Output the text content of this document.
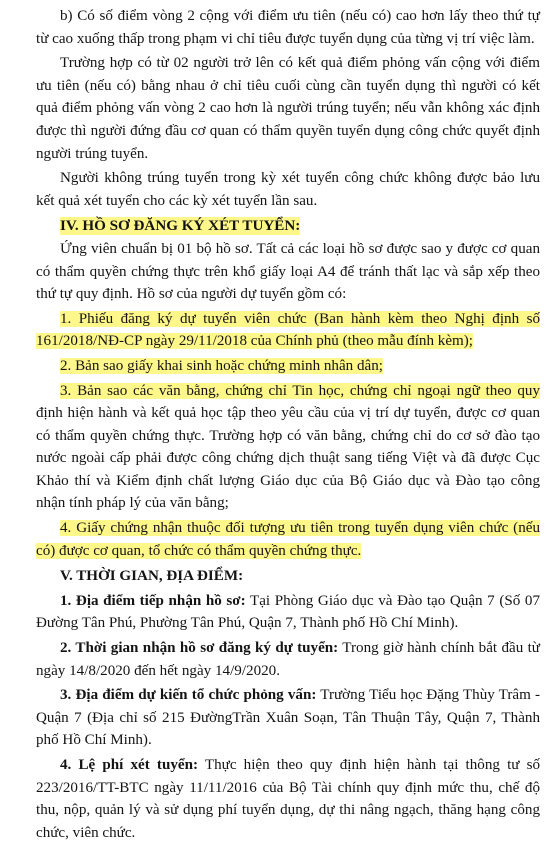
b) Có số điểm vòng 2 cộng với điểm ưu tiên (nếu có) cao hơn lấy theo thứ tự từ cao xuống thấp trong phạm vi chỉ tiêu được tuyển dụng của từng vị trí việc làm.

Trường hợp có từ 02 người trở lên có kết quả điểm phỏng vấn cộng với điểm ưu tiên (nếu có) bằng nhau ở chỉ tiêu cuối cùng cần tuyển dụng thì người có kết quả điểm phỏng vấn vòng 2 cao hơn là người trúng tuyển; nếu vẫn không xác định được thì người đứng đầu cơ quan có thẩm quyền tuyển dụng công chức quyết định người trúng tuyển.

Người không trúng tuyển trong kỳ xét tuyển công chức không được bảo lưu kết quả xét tuyển cho các kỳ xét tuyển lần sau.

IV. HỒ SƠ ĐĂNG KÝ XÉT TUYỂN:

Ứng viên chuẩn bị 01 bộ hồ sơ. Tất cả các loại hồ sơ được sao y được cơ quan có thẩm quyền chứng thực trên khổ giấy loại A4 để tránh thất lạc và sắp xếp theo thứ tự quy định. Hồ sơ của người dự tuyển gồm có:

1. Phiếu đăng ký dự tuyển viên chức (Ban hành kèm theo Nghị định số 161/2018/NĐ-CP ngày 29/11/2018 của Chính phủ (theo mẫu đính kèm);

2. Bản sao giấy khai sinh hoặc chứng minh nhân dân;

3. Bản sao các văn bằng, chứng chỉ Tin học, chứng chỉ ngoại ngữ theo quy định hiện hành và kết quả học tập theo yêu cầu của vị trí dự tuyển, được cơ quan có thẩm quyền chứng thực. Trường hợp có văn bằng, chứng chỉ do cơ sở đào tạo nước ngoài cấp phải được công chứng dịch thuật sang tiếng Việt và đã được Cục Khảo thí và Kiểm định chất lượng Giáo dục của Bộ Giáo dục và Đào tạo công nhận tính pháp lý của văn bằng;

4. Giấy chứng nhận thuộc đối tượng ưu tiên trong tuyển dụng viên chức (nếu có) được cơ quan, tổ chức có thẩm quyền chứng thực.

V. THỜI GIAN, ĐỊA ĐIỂM:

1. Địa điểm tiếp nhận hồ sơ: Tại Phòng Giáo dục và Đào tạo Quận 7 (Số 07 Đường Tân Phú, Phường Tân Phú, Quận 7, Thành phố Hồ Chí Minh).

2. Thời gian nhận hồ sơ đăng ký dự tuyển: Trong giờ hành chính bắt đầu từ ngày 14/8/2020 đến hết ngày 14/9/2020.

3. Địa điểm dự kiến tổ chức phỏng vấn: Trường Tiểu học Đặng Thùy Trâm - Quận 7 (Địa chỉ số 215 ĐườngTrần Xuân Soạn, Tân Thuận Tây, Quận 7, Thành phố Hồ Chí Minh).

4. Lệ phí xét tuyển: Thực hiện theo quy định hiện hành tại thông tư số 223/2016/TT-BTC ngày 11/11/2016 của Bộ Tài chính quy định mức thu, chế độ thu, nộp, quản lý và sử dụng phí tuyển dụng, dự thi nâng ngạch, thăng hạng công chức, viên chức.
